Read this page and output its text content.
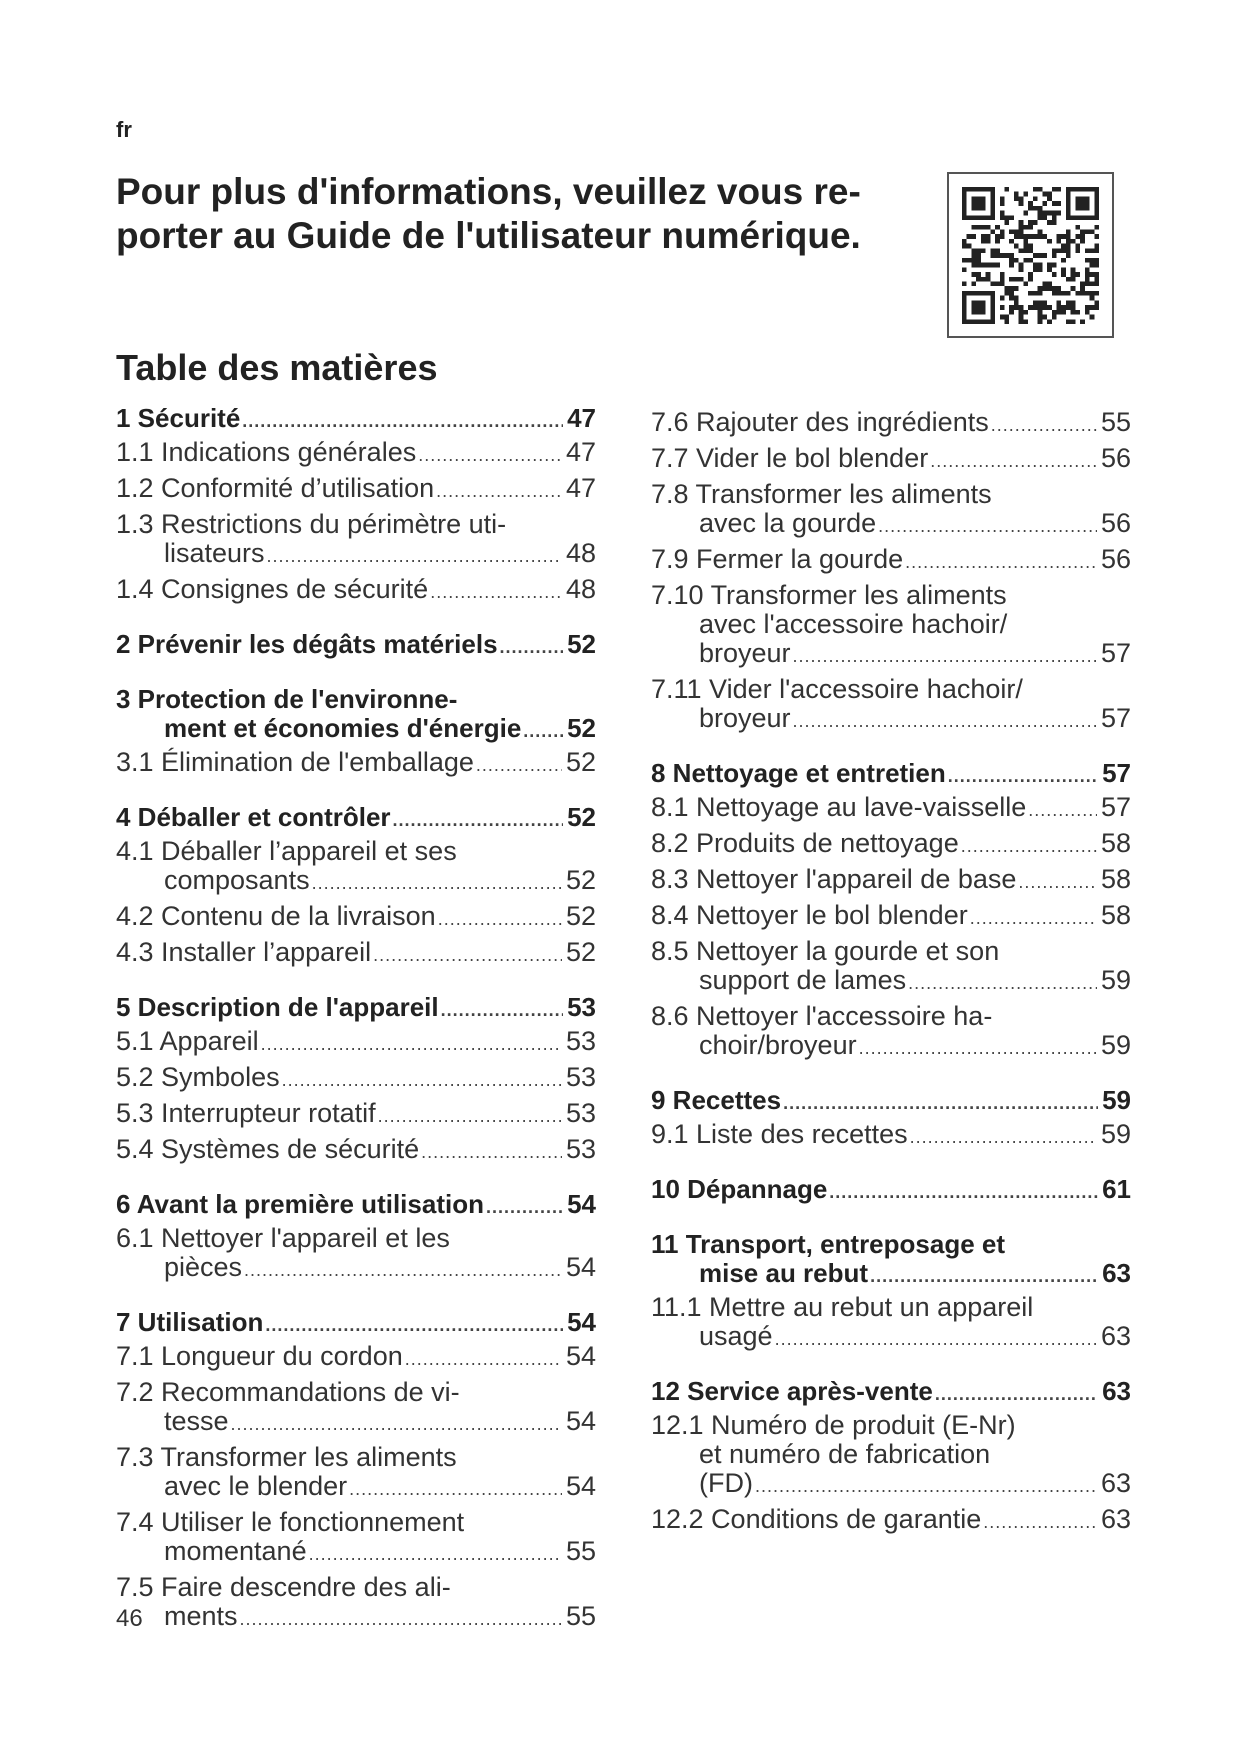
fr
Pour plus d'informations, veuillez vous re-
porter au Guide de l'utilisateur numérique.
Table des matières
1 Sécurité .....	47
1.1 Indications générales .....	47
1.2 Conformité d’utilisation .....	47
1.3 Restrictions du périmètre uti-
lisateurs .....	48
1.4 Consignes de sécurité .....	48
2 Prévenir les dégâts matériels .....	52
3 Protection de l'environne-
ment et économies d'énergie ..... 52
3.1 Élimination de l'emballage .....	52
4 Déballer et contrôler .....	52
4.1 Déballer l’appareil et ses
composants .....	52
4.2 Contenu de la livraison .....	52
4.3 Installer l’appareil .....	52
5 Description de l'appareil .....	53
5.1 Appareil .....	53
5.2 Symboles .....	53
5.3 Interrupteur rotatif .....	53
5.4 Systèmes de sécurité .....	53
6 Avant la première utilisation .....	54
6.1 Nettoyer l'appareil et les
pièces .....	54
7 Utilisation .....	54
7.1 Longueur du cordon .....	54
7.2 Recommandations de vi-
tesse .....	54
7.3 Transformer les aliments
avec le blender .....	54
7.4 Utiliser le fonctionnement
momentané .....	55
7.5 Faire descendre des ali-
ments .....	55
7.6 Rajouter des ingrédients .....	55
7.7 Vider le bol blender .....	56
7.8 Transformer les aliments
avec la gourde .....	56
7.9 Fermer la gourde .....	56
7.10 Transformer les aliments
avec l'accessoire hachoir/
broyeur .....	57
7.11 Vider l'accessoire hachoir/
broyeur .....	57
8 Nettoyage et entretien .....	57
8.1 Nettoyage au lave-vaisselle .....	57
8.2 Produits de nettoyage .....	58
8.3 Nettoyer l'appareil de base .....	58
8.4 Nettoyer le bol blender .....	58
8.5 Nettoyer la gourde et son
support de lames .....	59
8.6 Nettoyer l'accessoire ha-
choir/broyeur .....	59
9 Recettes .....	59
9.1 Liste des recettes .....	59
10 Dépannage .....	61
11 Transport, entreposage et
mise au rebut .....	63
11.1 Mettre au rebut un appareil
usagé .....	63
12 Service après-vente .....	63
12.1 Numéro de produit (E-Nr)
et numéro de fabrication
(FD) .....	63
12.2 Conditions de garantie .....	63
46
